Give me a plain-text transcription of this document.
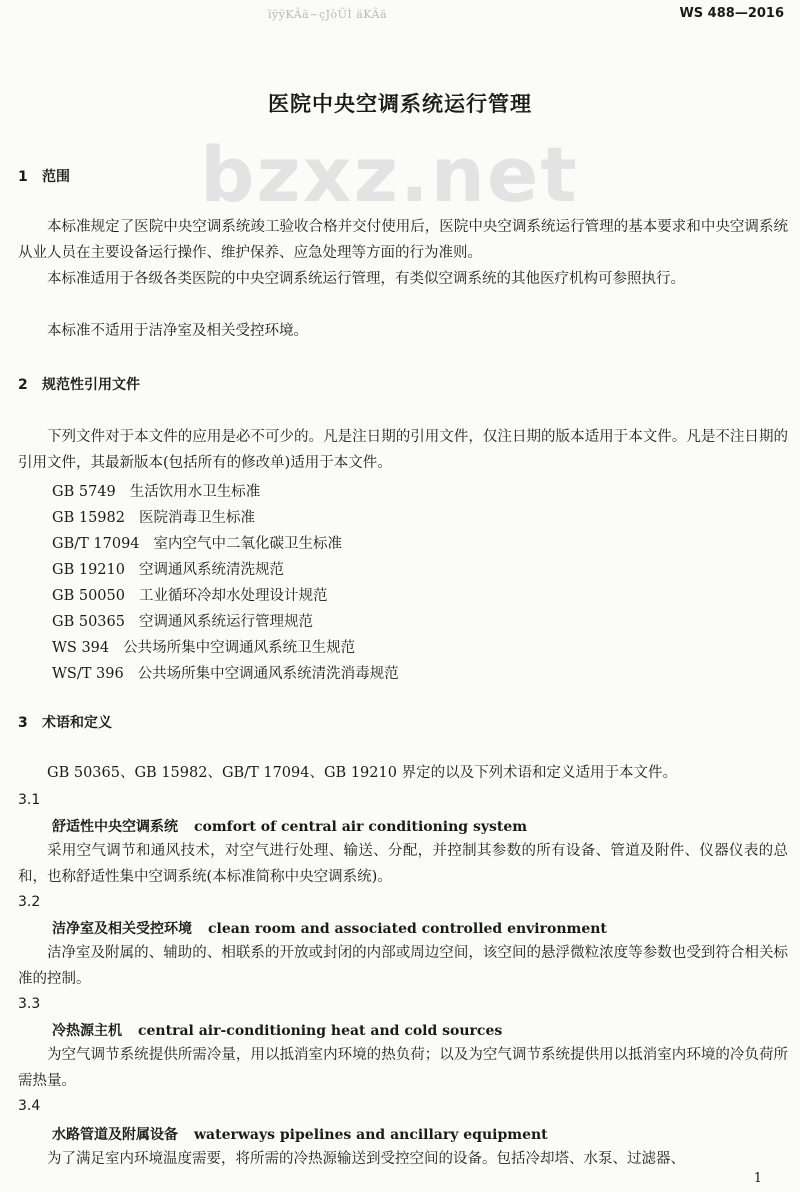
ïÿÿKÃä~çJòÜÌ äKÃä	WS 488—2016
医院中央空调系统运行管理
bzxz.net
1 范围
本标准规定了医院中央空调系统竣工验收合格并交付使用后，医院中央空调系统运行管理的基本要求和中央空调系统从业人员在主要设备运行操作、维护保养、应急处理等方面的行为准则。
本标准适用于各级各类医院的中央空调系统运行管理，有类似空调系统的其他医疗机构可参照执行。
本标准不适用于洁净室及相关受控环境。
2 规范性引用文件
下列文件对于本文件的应用是必不可少的。凡是注日期的引用文件，仅注日期的版本适用于本文件。凡是不注日期的引用文件，其最新版本(包括所有的修改单)适用于本文件。
GB 5749 生活饮用水卫生标准
GB 15982 医院消毒卫生标准
GB/T 17094 室内空气中二氧化碳卫生标准
GB 19210 空调通风系统清洗规范
GB 50050 工业循环冷却水处理设计规范
GB 50365 空调通风系统运行管理规范
WS 394 公共场所集中空调通风系统卫生规范
WS/T 396 公共场所集中空调通风系统清洗消毒规范
3 术语和定义
GB 50365、GB 15982、GB/T 17094、GB 19210 界定的以及下列术语和定义适用于本文件。
3.1
舒适性中央空调系统 comfort of central air conditioning system
采用空气调节和通风技术，对空气进行处理、输送、分配，并控制其参数的所有设备、管道及附件、仪器仪表的总和，也称舒适性集中空调系统(本标准简称中央空调系统)。
3.2
洁净室及相关受控环境 clean room and associated controlled environment
洁净室及附属的、辅助的、相联系的开放或封闭的内部或周边空间，该空间的悬浮微粒浓度等参数也受到符合相关标准的控制。
3.3
冷热源主机 central air-conditioning heat and cold sources
为空气调节系统提供所需冷量，用以抵消室内环境的热负荷；以及为空气调节系统提供用以抵消室内环境的冷负荷所需热量。
3.4
水路管道及附属设备 waterways pipelines and ancillary equipment
为了满足室内环境温度需要，将所需的冷热源输送到受控空间的设备。包括冷却塔、水泵、过滤器、
1
